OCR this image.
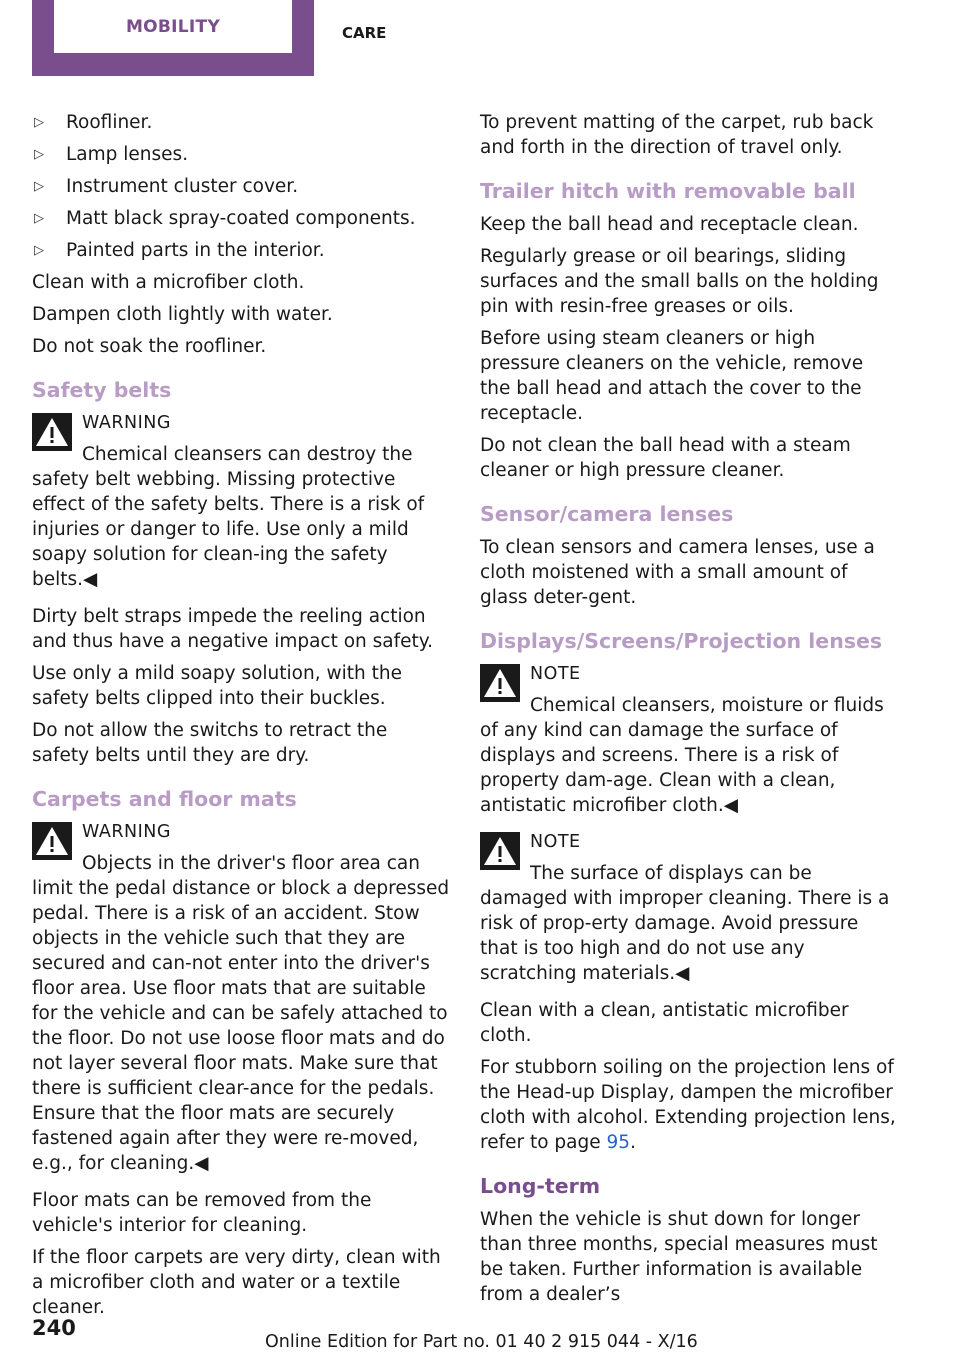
MOBILITY	CARE
▷ Roofliner.
▷ Lamp lenses.
▷ Instrument cluster cover.
▷ Matt black spray-coated components.
▷ Painted parts in the interior.

Clean with a microfiber cloth.

Dampen cloth lightly with water.

Do not soak the roofliner.

Safety belts
WARNING

Chemical cleansers can destroy the safety belt webbing. Missing protective effect of the safety belts. There is a risk of injuries or danger to life. Use only a mild soapy solution for clean-ing the safety belts.◀

Dirty belt straps impede the reeling action and thus have a negative impact on safety.

Use only a mild soapy solution, with the safety belts clipped into their buckles.

Do not allow the switchs to retract the safety belts until they are dry.

Carpets and floor mats
WARNING

Objects in the driver's floor area can limit the pedal distance or block a depressed pedal. There is a risk of an accident. Stow objects in the vehicle such that they are secured and can-not enter into the driver's floor area. Use floor mats that are suitable for the vehicle and can be safely attached to the floor. Do not use loose floor mats and do not layer several floor mats. Make sure that there is sufficient clear-ance for the pedals. Ensure that the floor mats are securely fastened again after they were re-moved, e.g., for cleaning.◀

Floor mats can be removed from the vehicle's interior for cleaning.

If the floor carpets are very dirty, clean with a microfiber cloth and water or a textile cleaner.

To prevent matting of the carpet, rub back and forth in the direction of travel only.

Trailer hitch with removable ball

Keep the ball head and receptacle clean.

Regularly grease or oil bearings, sliding surfaces and the small balls on the holding pin with resin-free greases or oils.

Before using steam cleaners or high pressure cleaners on the vehicle, remove the ball head and attach the cover to the receptacle.

Do not clean the ball head with a steam cleaner or high pressure cleaner.

Sensor/camera lenses

To clean sensors and camera lenses, use a cloth moistened with a small amount of glass deter-gent.

Displays/Screens/Projection lenses
NOTE

Chemical cleansers, moisture or fluids of any kind can damage the surface of displays and screens. There is a risk of property dam-age. Clean with a clean, antistatic microfiber cloth.◀

NOTE

The surface of displays can be damaged with improper cleaning. There is a risk of prop-erty damage. Avoid pressure that is too high and do not use any scratching materials.◀

Clean with a clean, antistatic microfiber cloth.

For stubborn soiling on the projection lens of the Head-up Display, dampen the microfiber cloth with alcohol. Extending projection lens, refer to page 95.

Long-term

When the vehicle is shut down for longer than three months, special measures must be taken. Further information is available from a dealer’s

240
Online Edition for Part no. 01 40 2 915 044 - X/16
